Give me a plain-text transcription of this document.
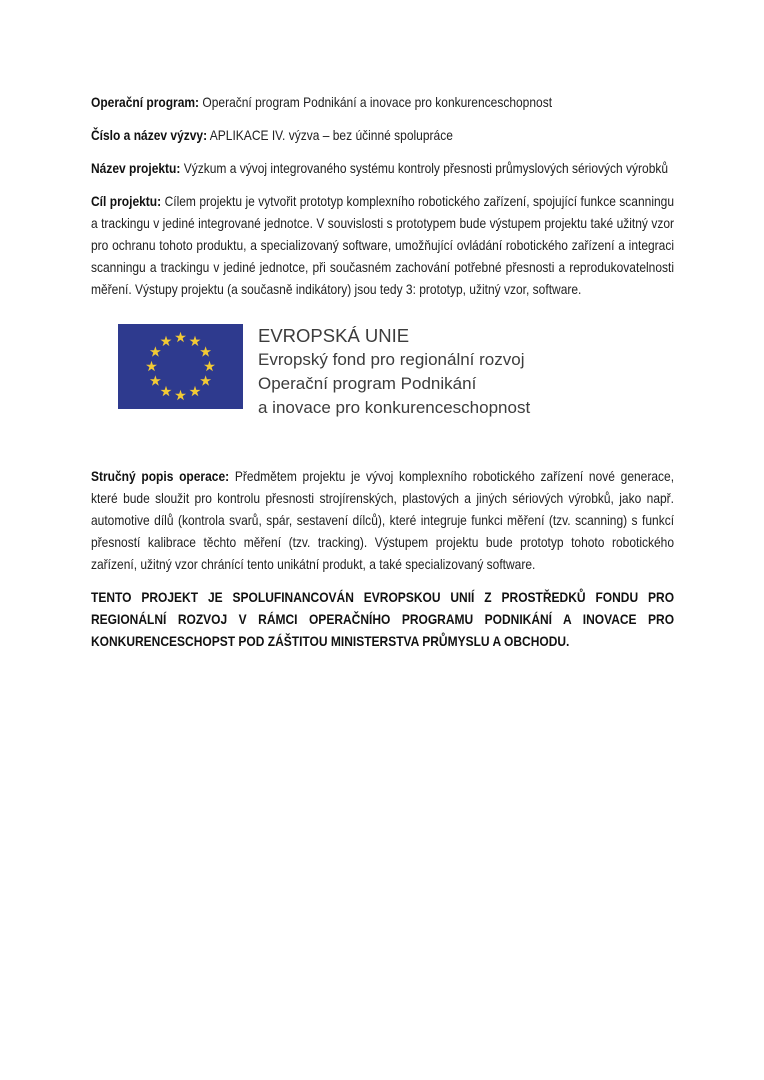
Operační program: Operační program Podnikání a inovace pro konkurenceschopnost

Číslo a název výzvy: APLIKACE IV. výzva – bez účinné spolupráce

Název projektu: Výzkum a vývoj integrovaného systému kontroly přesnosti průmyslových sériových výrobků

Cíl projektu: Cílem projektu je vytvořit prototyp komplexního robotického zařízení, spojující funkce scanningu a trackingu v jediné integrované jednotce. V souvislosti s prototypem bude výstupem projektu také užitný vzor pro ochranu tohoto produktu, a specializovaný software, umožňující ovládání robotického zařízení a integraci scanningu a trackingu v jediné jednotce, při současném zachování potřebné přesnosti a reprodukovatelnosti měření. Výstupy projektu (a současně indikátory) jsou tedy 3: prototyp, užitný vzor, software.

EVROPSKÁ UNIE
Evropský fond pro regionální rozvoj
Operační program Podnikání
a inovace pro konkurenceschopnost

Stručný popis operace: Předmětem projektu je vývoj komplexního robotického zařízení nové generace, které bude sloužit pro kontrolu přesnosti strojírenských, plastových a jiných sériových výrobků, jako např. automotive dílů (kontrola svarů, spár, sestavení dílců), které integruje funkci měření (tzv. scanning) s funkcí přesností kalibrace těchto měření (tzv. tracking). Výstupem projektu bude prototyp tohoto robotického zařízení, užitný vzor chránící tento unikátní produkt, a také specializovaný software.

TENTO PROJEKT JE SPOLUFINANCOVÁN EVROPSKOU UNIÍ Z PROSTŘEDKŮ FONDU PRO REGIONÁLNÍ ROZVOJ V RÁMCI OPERAČNÍHO PROGRAMU PODNIKÁNÍ A INOVACE PRO KONKURENCESCHOPST POD ZÁŠTITOU MINISTERSTVA PRŮMYSLU A OBCHODU.
